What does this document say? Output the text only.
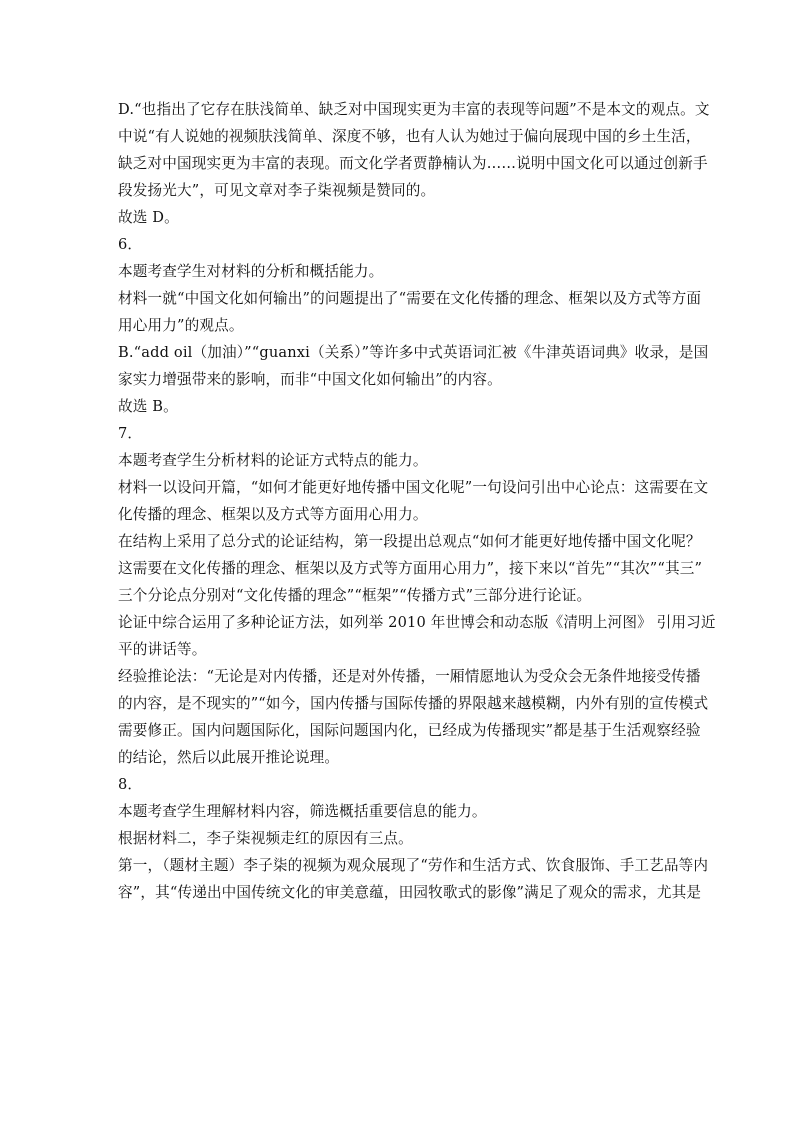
D.“也指出了它存在肤浅简单、缺乏对中国现实更为丰富的表现等问题”不是本文的观点。文
中说“有人说她的视频肤浅简单、深度不够，也有人认为她过于偏向展现中国的乡土生活，
缺乏对中国现实更为丰富的表现。而文化学者贾静楠认为……说明中国文化可以通过创新手
段发扬光大”，可见文章对李子柒视频是赞同的。

故选 D。

6．

本题考查学生对材料的分析和概括能力。

材料一就“中国文化如何输出”的问题提出了“需要在文化传播的理念、框架以及方式等方面
用心用力”的观点。

B.“add oil（加油）”“guanxi（关系）”等许多中式英语词汇被《牛津英语词典》收录，是国
家实力增强带来的影响，而非“中国文化如何输出”的内容。

故选 B。

7．

本题考查学生分析材料的论证方式特点的能力。

材料一以设问开篇，“如何才能更好地传播中国文化呢”一句设问引出中心论点：这需要在文
化传播的理念、框架以及方式等方面用心用力。

在结构上采用了总分式的论证结构，第一段提出总观点“如何才能更好地传播中国文化呢？
这需要在文化传播的理念、框架以及方式等方面用心用力”，接下来以“首先”“其次”“其三”
三个分论点分别对“文化传播的理念”“框架”“传播方式”三部分进行论证。

论证中综合运用了多种论证方法，如列举 2010 年世博会和动态版《清明上河图》 引用习近
平的讲话等。

经验推论法：“无论是对内传播，还是对外传播，一厢情愿地认为受众会无条件地接受传播
的内容，是不现实的”“如今，国内传播与国际传播的界限越来越模糊，内外有别的宣传模式
需要修正。国内问题国际化，国际问题国内化，已经成为传播现实”都是基于生活观察经验
的结论，然后以此展开推论说理。

8．

本题考查学生理解材料内容，筛选概括重要信息的能力。

根据材料二，李子柒视频走红的原因有三点。

第一，（题材主题）李子柒的视频为观众展现了“劳作和生活方式、饮食服饰、手工艺品等内
容”，其“传递出中国传统文化的审美意蕴，田园牧歌式的影像”满足了观众的需求，尤其是
